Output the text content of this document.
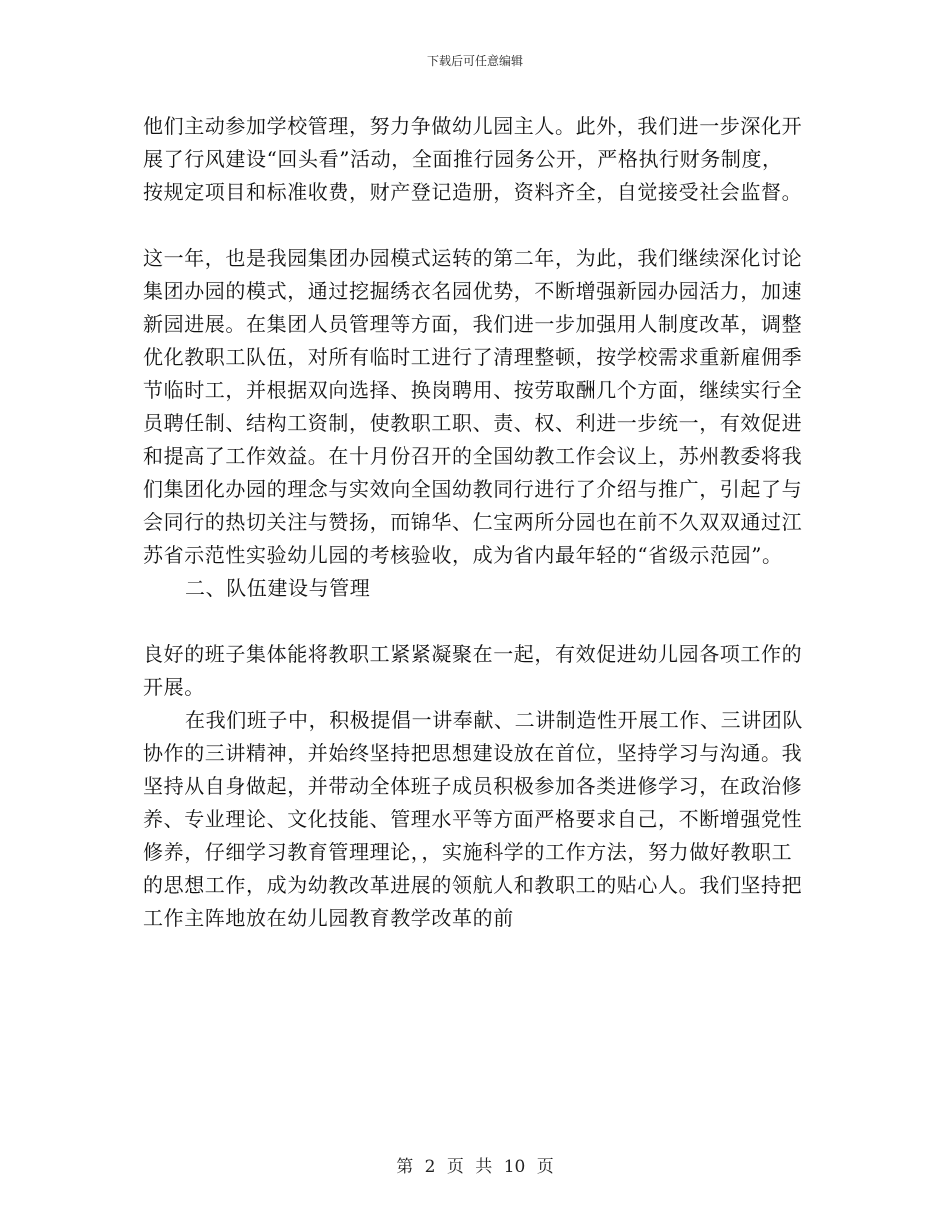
下载后可任意编辑

他们主动参加学校管理，努力争做幼儿园主人。此外，我们进一步深化开展了行风建设“回头看”活动，全面推行园务公开，严格执行财务制度，按规定项目和标准收费，财产登记造册，资料齐全，自觉接受社会监督。

这一年，也是我园集团办园模式运转的第二年，为此，我们继续深化讨论集团办园的模式，通过挖掘绣衣名园优势，不断增强新园办园活力，加速新园进展。在集团人员管理等方面，我们进一步加强用人制度改革，调整优化教职工队伍，对所有临时工进行了清理整顿，按学校需求重新雇佣季节临时工，并根据双向选择、换岗聘用、按劳取酬几个方面，继续实行全员聘任制、结构工资制，使教职工职、责、权、利进一步统一，有效促进和提高了工作效益。在十月份召开的全国幼教工作会议上，苏州教委将我们集团化办园的理念与实效向全国幼教同行进行了介绍与推广，引起了与会同行的热切关注与赞扬，而锦华、仁宝两所分园也在前不久双双通过江苏省示范性实验幼儿园的考核验收，成为省内最年轻的“省级示范园”。

二、队伍建设与管理

良好的班子集体能将教职工紧紧凝聚在一起，有效促进幼儿园各项工作的开展。

在我们班子中，积极提倡一讲奉献、二讲制造性开展工作、三讲团队协作的三讲精神，并始终坚持把思想建设放在首位，坚持学习与沟通。我坚持从自身做起，并带动全体班子成员积极参加各类进修学习，在政治修养、专业理论、文化技能、管理水平等方面严格要求自己，不断增强党性修养，仔细学习教育管理理论，，实施科学的工作方法，努力做好教职工的思想工作，成为幼教改革进展的领航人和教职工的贴心人。我们坚持把工作主阵地放在幼儿园教育教学改革的前

第 2 页 共 10 页
